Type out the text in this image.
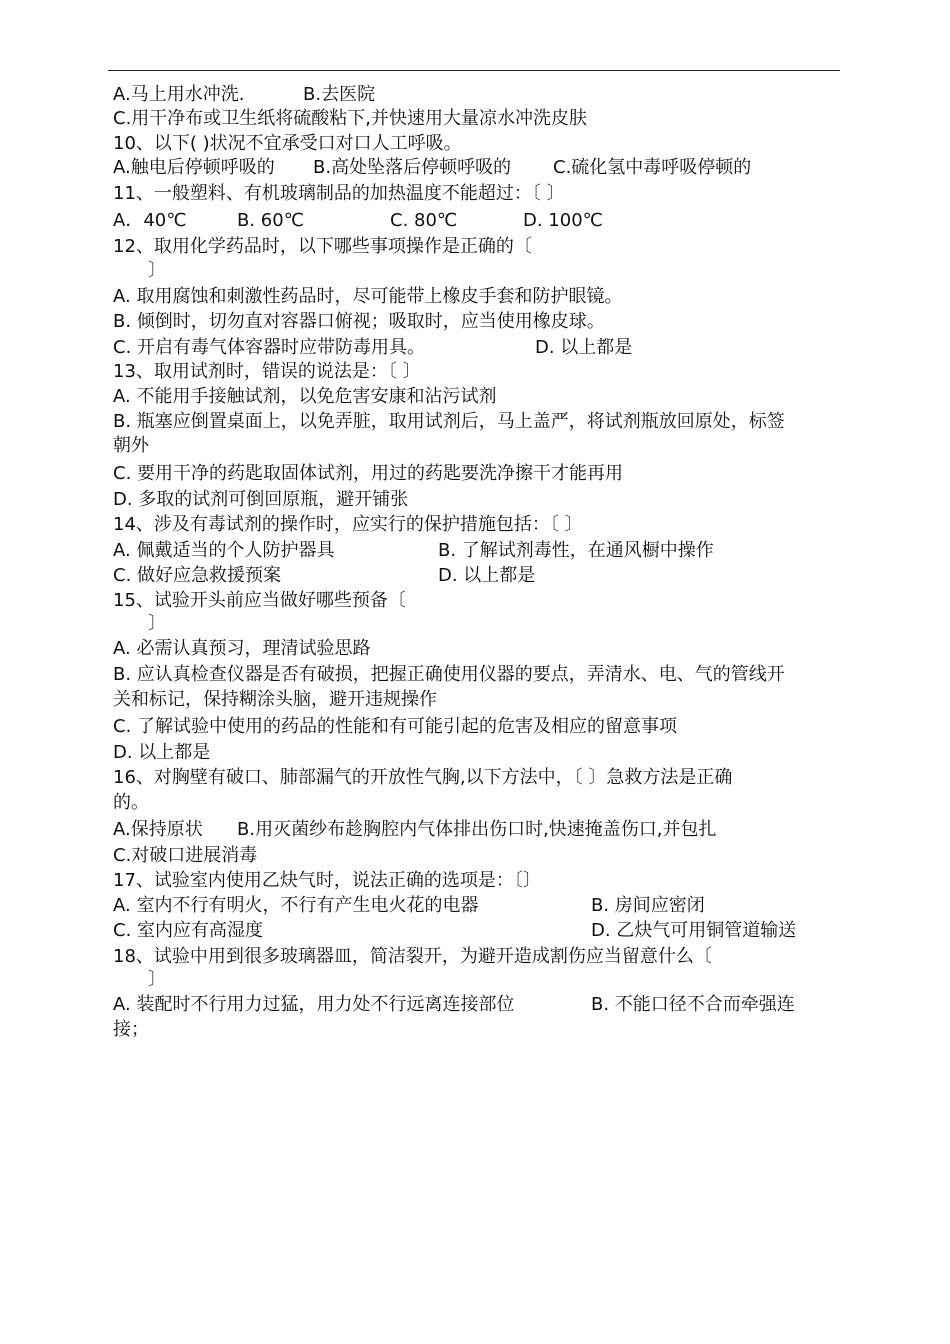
A.马上用水冲洗.	B.去医院
C.用干净布或卫生纸将硫酸粘下,并快速用大量凉水冲洗皮肤
10、以下( )状况不宜承受口对口人工呼吸。
A.触电后停顿呼吸的 B.高处坠落后停顿呼吸的 C.硫化氢中毒呼吸停顿的
11、一般塑料、有机玻璃制品的加热温度不能超过：〔 〕
A．40℃	B. 60℃	C. 80℃	D. 100℃
12、取用化学药品时，以下哪些事项操作是正确的〔
〕
A. 取用腐蚀和刺激性药品时，尽可能带上橡皮手套和防护眼镜。
B. 倾倒时，切勿直对容器口俯视；吸取时，应当使用橡皮球。
C. 开启有毒气体容器时应带防毒用具。	D. 以上都是
13、取用试剂时，错误的说法是：〔 〕
A. 不能用手接触试剂，以免危害安康和沾污试剂
B. 瓶塞应倒置桌面上，以免弄脏，取用试剂后，马上盖严，将试剂瓶放回原处，标签
朝外
C. 要用干净的药匙取固体试剂，用过的药匙要洗净擦干才能再用
D. 多取的试剂可倒回原瓶，避开铺张
14、涉及有毒试剂的操作时，应实行的保护措施包括：〔 〕
A. 佩戴适当的个人防护器具	B. 了解试剂毒性，在通风橱中操作
C. 做好应急救援预案	D. 以上都是
15、试验开头前应当做好哪些预备〔
〕
A. 必需认真预习，理清试验思路
B. 应认真检查仪器是否有破损，把握正确使用仪器的要点，弄清水、电、气的管线开
关和标记，保持糊涂头脑，避开违规操作
C. 了解试验中使用的药品的性能和有可能引起的危害及相应的留意事项
D. 以上都是
16、对胸壁有破口、肺部漏气的开放性气胸,以下方法中，〔 〕急救方法是正确
的。
A.保持原状 B.用灭菌纱布趁胸腔内气体排出伤口时,快速掩盖伤口,并包扎
C.对破口进展消毒
17、试验室内使用乙炔气时，说法正确的选项是：〔〕
A. 室内不行有明火，不行有产生电火花的电器	B. 房间应密闭
C. 室内应有高湿度	D. 乙炔气可用铜管道输送
18、试验中用到很多玻璃器皿，简洁裂开，为避开造成割伤应当留意什么〔
〕
A. 装配时不行用力过猛，用力处不行远离连接部位	B. 不能口径不合而牵强连
接；
